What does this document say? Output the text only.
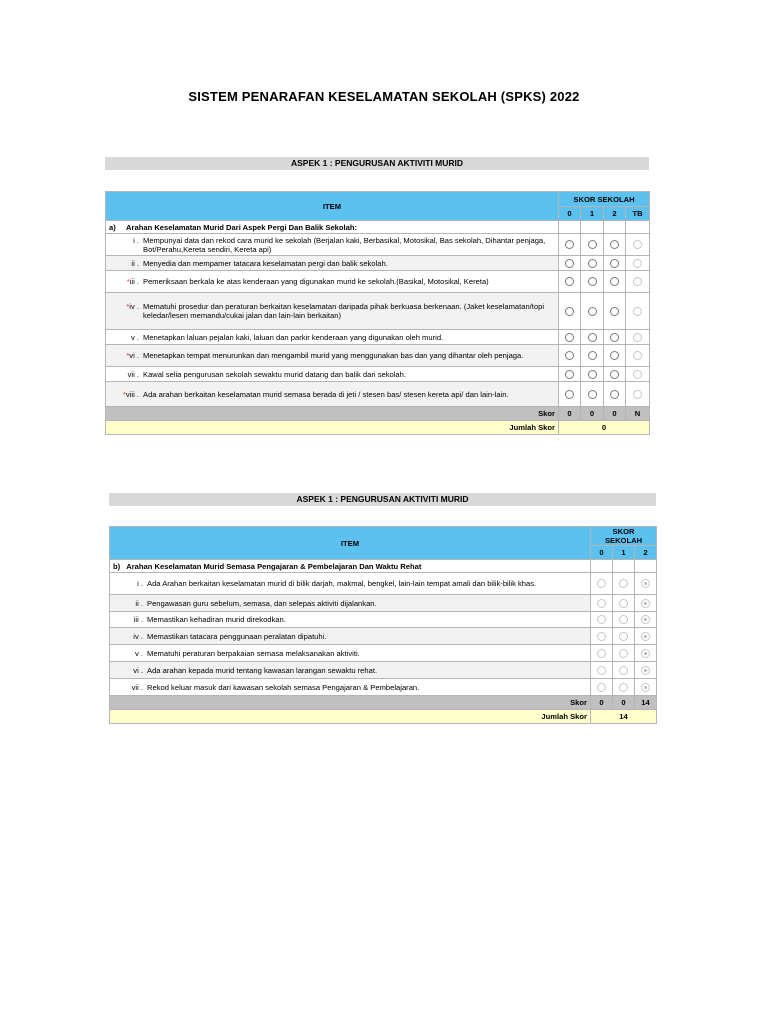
SISTEM PENARAFAN KESELAMATAN SEKOLAH (SPKS) 2022
ASPEK 1 : PENGURUSAN AKTIVITI MURID
ITEM	SKOR SEKOLAH			
	0	1	2	TB
a) Arahan Keselamatan Murid Dari Aspek Pergi Dan Balik Sekolah:				
i . Mempunyai data dan rekod cara murid ke sekolah (Berjalan kaki, Berbasikal, Motosikal, Bas sekolah, Dihantar penjaga, Bot/Perahu,Kereta sendiri, Kereta api)				
ii . Menyedia dan mempamer tatacara keselamatan pergi dan balik sekolah.				
*iii . Pemeriksaan berkala ke atas kenderaan yang digunakan murid ke sekolah.(Basikal, Motosikal, Kereta)				
*iv . Mematuhi prosedur dan peraturan berkaitan keselamatan daripada pihak berkuasa berkenaan. (Jaket keselamatan/topi keledar/lesen memandu/cukai jalan dan lain-lain berkaitan)				
v . Menetapkan laluan pejalan kaki, laluan dan parkir kenderaan yang digunakan oleh murid.				
*vi . Menetapkan tempat menurunkan dan mengambil murid yang menggunakan bas dan yang dihantar oleh penjaga.				
vii . Kawal selia pengurusan sekolah sewaktu murid datang dan balik dari sekolah.				
*viii . Ada arahan berkaitan keselamatan murid semasa berada di jeti / stesen bas/ stesen kereta api/ dan lain-lain.				
Skor	0	0	0	N
Jumlah Skor	0			
ASPEK 1 : PENGURUSAN AKTIVITI MURID
ITEM	SKOR SEKOLAH		
	0	1	2
b) Arahan Keselamatan Murid Semasa Pengajaran & Pembelajaran Dan Waktu Rehat			
i . Ada Arahan berkaitan keselamatan murid di bilik darjah, makmal, bengkel, lain-lain tempat amali dan bilik-bilik khas.			
ii . Pengawasan guru sebelum, semasa, dan selepas aktiviti dijalankan.			
iii . Memastikan kehadiran murid direkodkan.			
iv . Memastikan tatacara penggunaan peralatan dipatuhi.			
v . Mematuhi peraturan berpakaian semasa melaksanakan aktiviti.			
vi . Ada arahan kepada murid tentang kawasan larangan sewaktu rehat.			
vii . Rekod keluar masuk dari kawasan sekolah semasa Pengajaran & Pembelajaran.			
Skor	0	0	14
Jumlah Skor	14		
